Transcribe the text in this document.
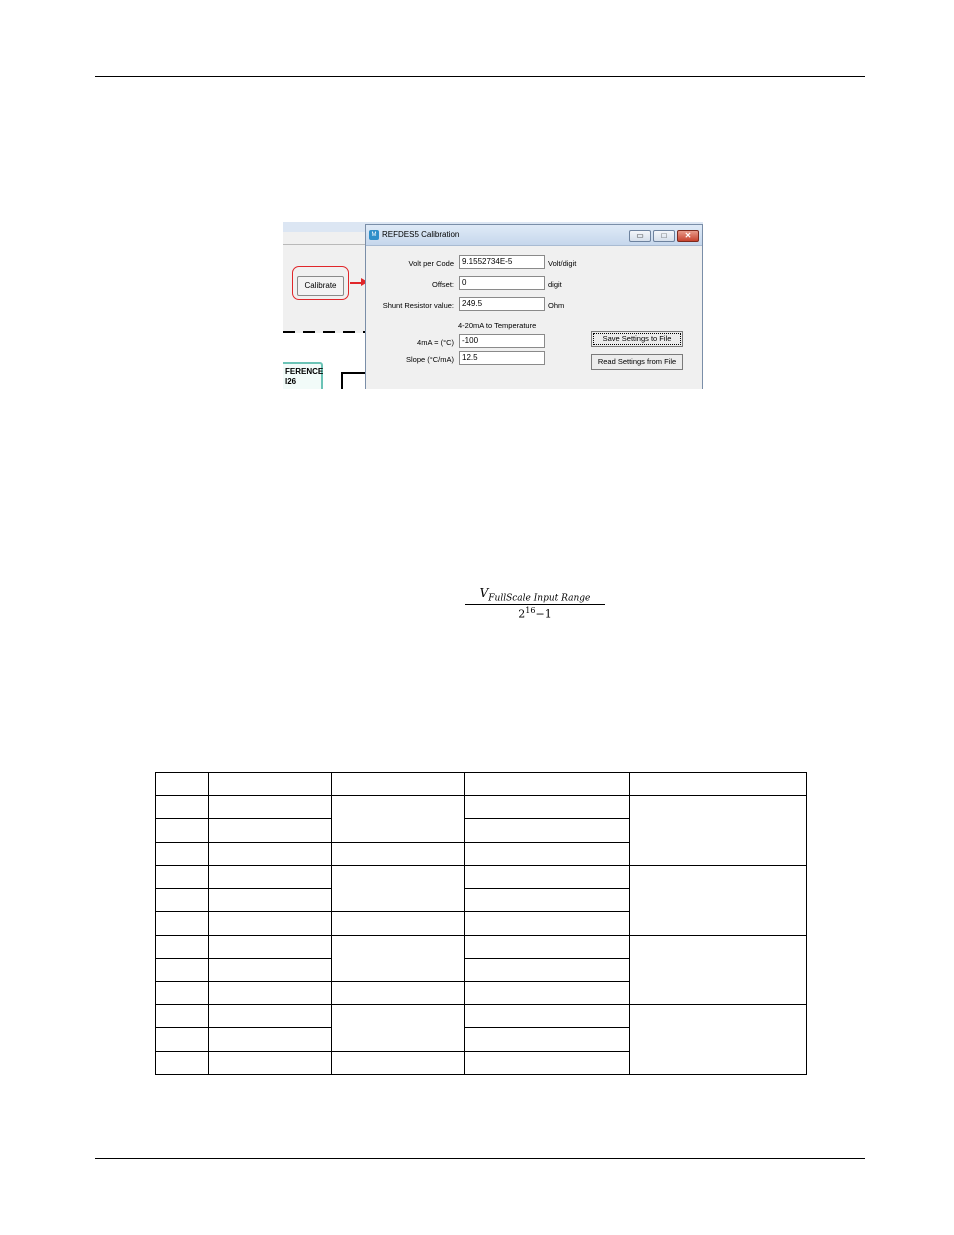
Calibrate
FERENCE
I26
M REFDES5 Calibration	▭	□	✕
Volt per Code	9.1552734E-5	Volt/digit
Offset:	0	digit
Shunt Resistor value:	249.5	Ohm
4-20mA to Temperature
4mA = (°C)	-100
Slope (°C/mA)	12.5
Save Settings to File
Read Settings from File
$V_{FullScale Input Range}$
$2^{16}-1$
